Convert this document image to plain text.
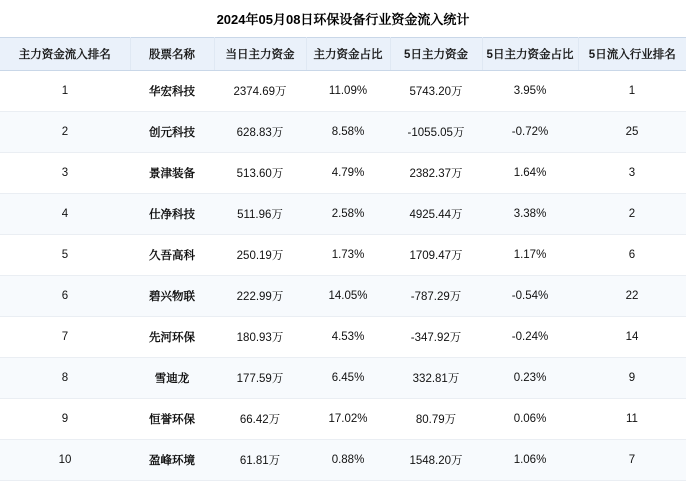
2024年05月08日环保设备行业资金流入统计
主力资金流入排名	股票名称	当日主力资金	主力资金占比	5日主力资金	5日主力资金占比	5日流入行业排名
1	华宏科技	2374.69万	11.09%	5743.20万	3.95%	1
2	创元科技	628.83万	8.58%	-1055.05万	-0.72%	25
3	景津装备	513.60万	4.79%	2382.37万	1.64%	3
4	仕净科技	511.96万	2.58%	4925.44万	3.38%	2
5	久吾高科	250.19万	1.73%	1709.47万	1.17%	6
6	碧兴物联	222.99万	14.05%	-787.29万	-0.54%	22
7	先河环保	180.93万	4.53%	-347.92万	-0.24%	14
8	雪迪龙	177.59万	6.45%	332.81万	0.23%	9
9	恒誉环保	66.42万	17.02%	80.79万	0.06%	11
10	盈峰环境	61.81万	0.88%	1548.20万	1.06%	7
